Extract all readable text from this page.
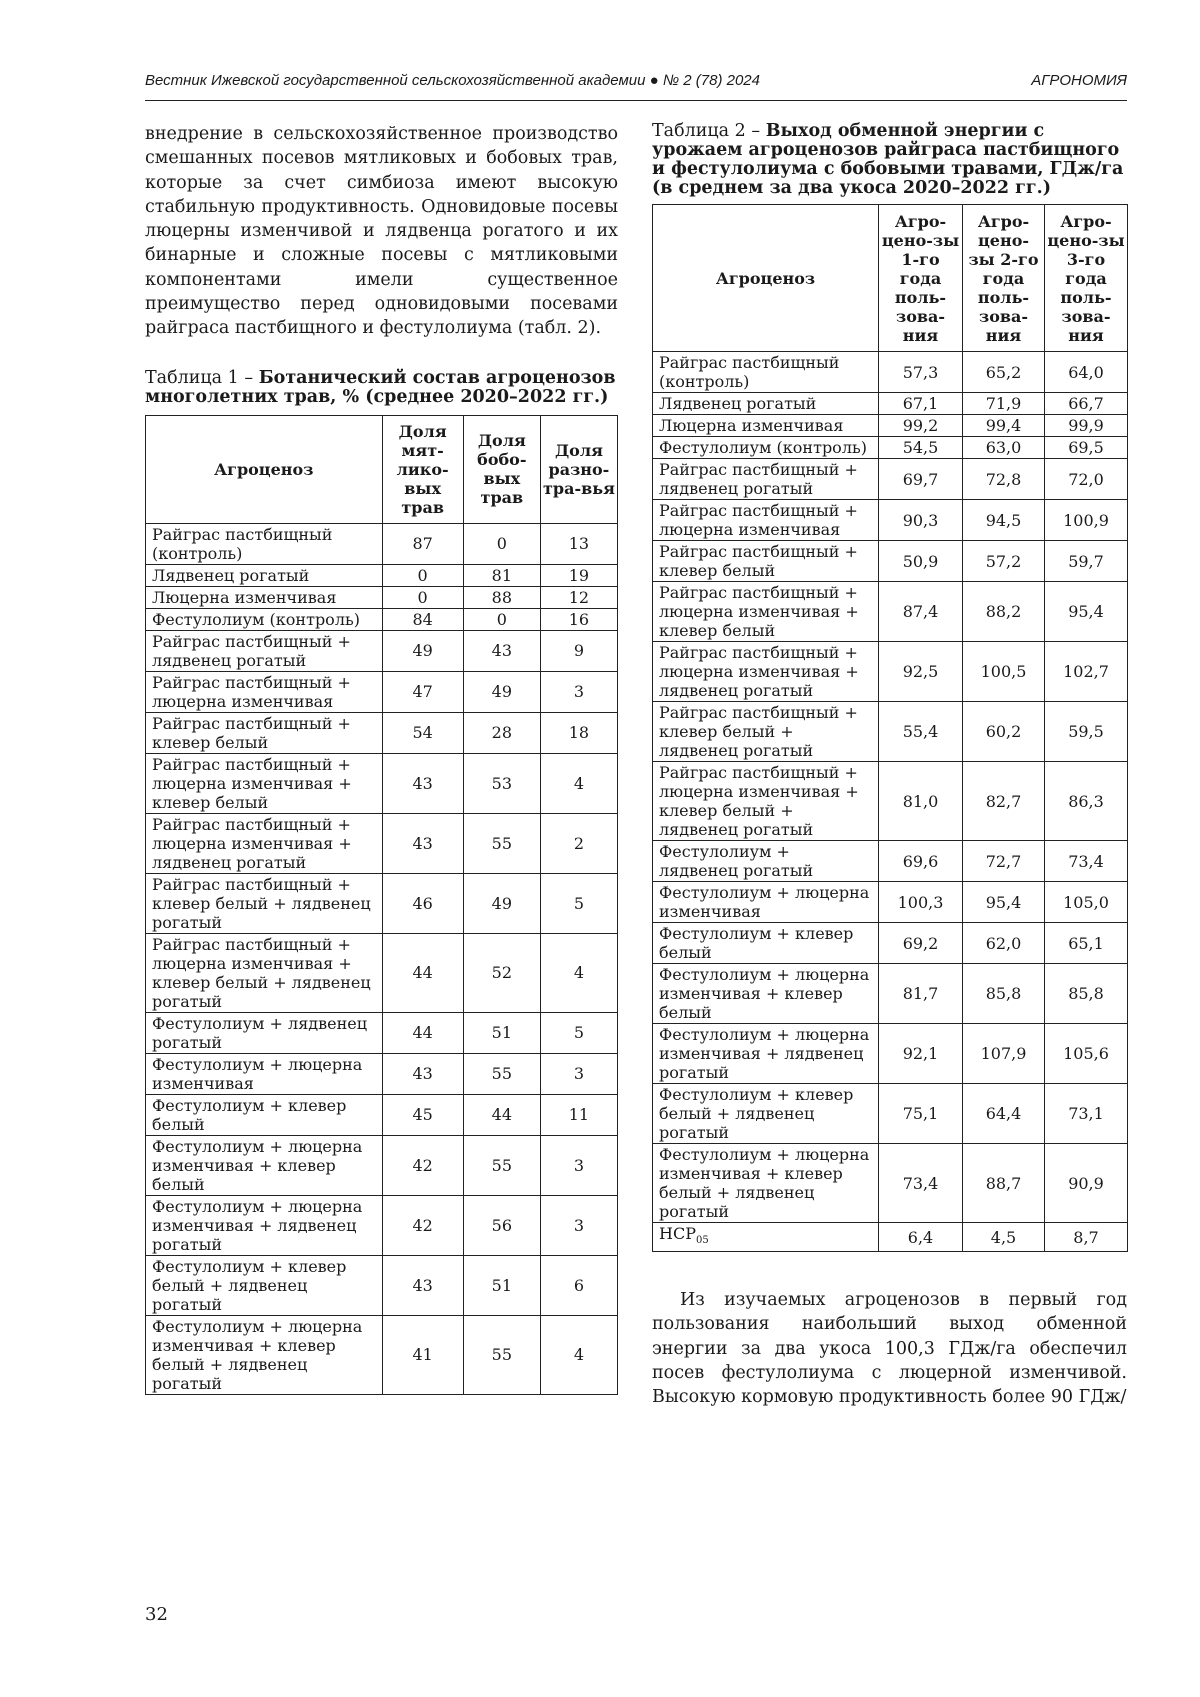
Вестник Ижевской государственной сельскохозяйственной академии ● № 2 (78) 2024	АГРОНОМИЯ

внедрение в сельскохозяйственное производство смешанных посевов мятликовых и бобовых трав, которые за счет симбиоза имеют высокую стабильную продуктивность. Одновидовые посевы люцерны изменчивой и лядвенца рогатого и их бинарные и сложные посевы с мятликовыми компонентами имели существенное преимущество перед одновидовыми посевами райграса пастбищного и фестулолиума (табл. 2).

Таблица 1 – Ботанический состав агроценозов многолетних трав, % (среднее 2020–2022 гг.)

Агроценоз	Доля мят-лико-вых трав	Доля бобо-вых трав	Доля разно-тра-вья
Райграс пастбищный (контроль)	87	0	13
Лядвенец рогатый	0	81	19
Люцерна изменчивая	0	88	12
Фестулолиум (контроль)	84	0	16
Райграс пастбищный + лядвенец рогатый	49	43	9
Райграс пастбищный + люцерна изменчивая	47	49	3
Райграс пастбищный + клевер белый	54	28	18
Райграс пастбищный + люцерна изменчивая + клевер белый	43	53	4
Райграс пастбищный + люцерна изменчивая + лядвенец рогатый	43	55	2
Райграс пастбищный + клевер белый + лядвенец рогатый	46	49	5
Райграс пастбищный + люцерна изменчивая + клевер белый + лядвенец рогатый	44	52	4
Фестулолиум + лядвенец рогатый	44	51	5
Фестулолиум + люцерна изменчивая	43	55	3
Фестулолиум + клевер белый	45	44	11
Фестулолиум + люцерна изменчивая + клевер белый	42	55	3
Фестулолиум + люцерна изменчивая + лядвенец рогатый	42	56	3
Фестулолиум + клевер белый + лядвенец рогатый	43	51	6
Фестулолиум + люцерна изменчивая + клевер белый + лядвенец рогатый	41	55	4

Таблица 2 – Выход обменной энергии с урожаем агроценозов райграса пастбищного и фестулолиума с бобовыми травами, ГДж/га (в среднем за два укоса 2020–2022 гг.)

Агроценоз	Агро-цено-зы 1-го года поль-зова-ния	Агро-цено-зы 2-го года поль-зова-ния	Агро-цено-зы 3-го года поль-зова-ния
Райграс пастбищный (контроль)	57,3	65,2	64,0
Лядвенец рогатый	67,1	71,9	66,7
Люцерна изменчивая	99,2	99,4	99,9
Фестулолиум (контроль)	54,5	63,0	69,5
Райграс пастбищный + лядвенец рогатый	69,7	72,8	72,0
Райграс пастбищный + люцерна изменчивая	90,3	94,5	100,9
Райграс пастбищный + клевер белый	50,9	57,2	59,7
Райграс пастбищный + люцерна изменчивая + клевер белый	87,4	88,2	95,4
Райграс пастбищный + люцерна изменчивая + лядвенец рогатый	92,5	100,5	102,7
Райграс пастбищный + клевер белый + лядвенец рогатый	55,4	60,2	59,5
Райграс пастбищный + люцерна изменчивая + клевер белый + лядвенец рогатый	81,0	82,7	86,3
Фестулолиум + лядвенец рогатый	69,6	72,7	73,4
Фестулолиум + люцерна изменчивая	100,3	95,4	105,0
Фестулолиум + клевер белый	69,2	62,0	65,1
Фестулолиум + люцерна изменчивая + клевер белый	81,7	85,8	85,8
Фестулолиум + люцерна изменчивая + лядвенец рогатый	92,1	107,9	105,6
Фестулолиум + клевер белый + лядвенец рогатый	75,1	64,4	73,1
Фестулолиум + люцерна изменчивая + клевер белый + лядвенец рогатый	73,4	88,7	90,9
$НСР_{05}$	6,4	4,5	8,7

Из изучаемых агроценозов в первый год пользования наибольший выход обменной энергии за два укоса 100,3 ГДж/га обеспечил посев фестулолиума с люцерной изменчивой. Высокую кормовую продуктивность более 90 ГДж/

32
